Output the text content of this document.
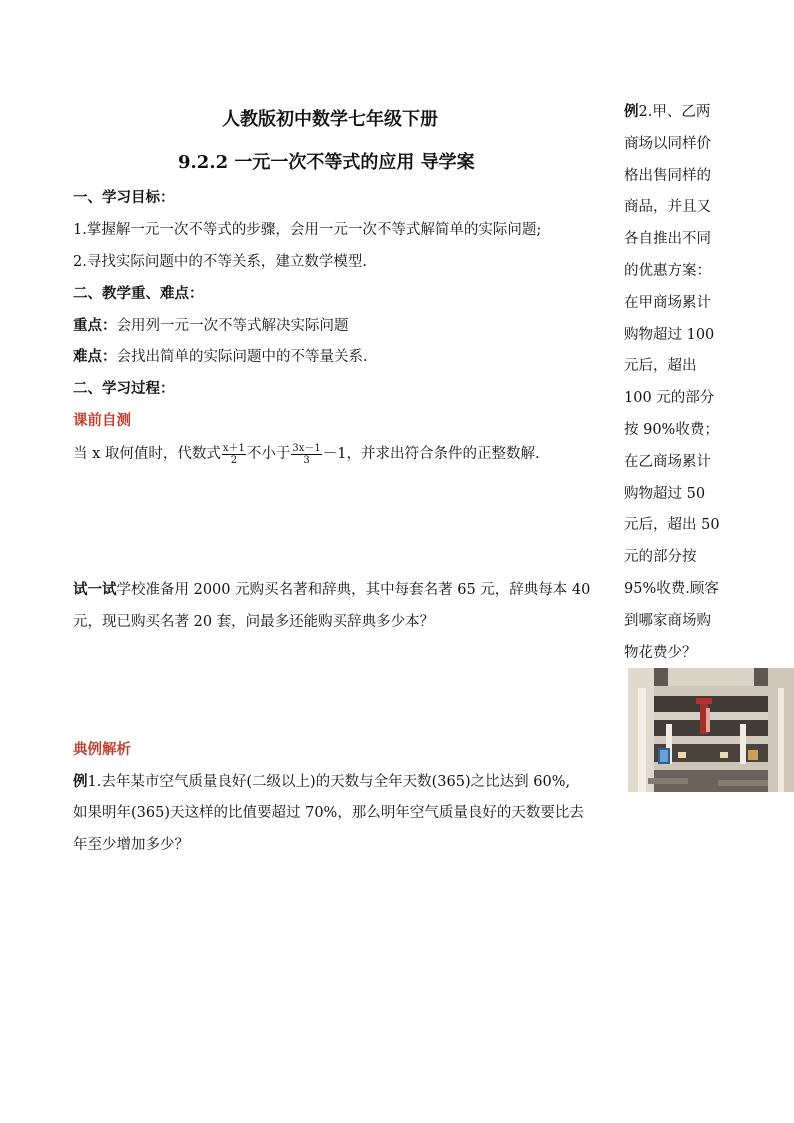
人教版初中数学七年级下册
9.2.2 一元一次不等式的应用 导学案
一、学习目标：
1.掌握解一元一次不等式的步骤，会用一元一次不等式解简单的实际问题;
2.寻找实际问题中的不等关系，建立数学模型.
二、教学重、难点：
重点：会用列一元一次不等式解决实际问题
难点：会找出简单的实际问题中的不等量关系.
二、学习过程：
课前自测
当 x 取何值时，代数式 $\frac{x+1}{2}$ 不小于 $\frac{3x-1}{3} -1$，并求出符合条件的正整数解.
试一试学校准备用 2000 元购买名著和辞典，其中每套名著 65 元，辞典每本 40
元，现已购买名著 20 套，问最多还能购买辞典多少本？
典例解析
例1.去年某市空气质量良好(二级以上)的天数与全年天数(365)之比达到 60%,
如果明年(365)天这样的比值要超过 70%，那么明年空气质量良好的天数要比去
年至少增加多少？
例2.甲、乙两
商场以同样价
格出售同样的
商品，并且又
各自推出不同
的优惠方案：
在甲商场累计
购物超过 100
元后，超出
100 元的部分
按 90%收费；
在乙商场累计
购物超过 50
元后，超出 50
元的部分按
95%收费.顾客
到哪家商场购
物花费少？
